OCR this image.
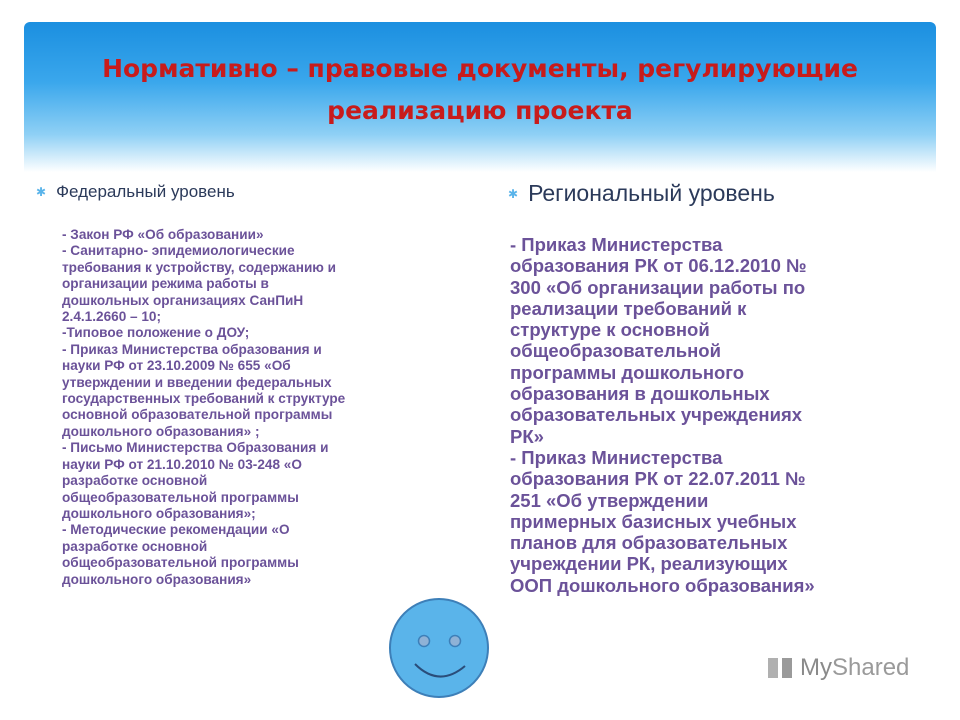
Нормативно – правовые документы, регулирующие реализацию проекта
✱ Федеральный уровень

- Закон РФ «Об образовании»
- Санитарно- эпидемиологические
требования к устройству, содержанию и
организации режима работы в
дошкольных организациях СанПиН
2.4.1.2660 – 10;
-Типовое положение о ДОУ;
- Приказ Министерства образования и
науки РФ от 23.10.2009 № 655 «Об
утверждении и введении федеральных
государственных требований к структуре
основной образовательной программы
дошкольного образования» ;
- Письмо Министерства Образования и
науки РФ от 21.10.2010 № 03-248 «О
разработке основной
общеобразовательной программы
дошкольного образования»;
- Методические рекомендации «О
разработке основной
общеобразовательной программы
дошкольного образования»

✱ Региональный уровень

- Приказ Министерства
образования РК от 06.12.2010 №
300 «Об организации работы по
реализации требований к
структуре к основной
общеобразовательной
программы дошкольного
образования в дошкольных
образовательных учреждениях
РК»
- Приказ Министерства
образования РК от 22.07.2011 №
251 «Об утверждении
примерных базисных учебных
планов для образовательных
учреждении РК, реализующих
ООП дошкольного образования»

MyShared
